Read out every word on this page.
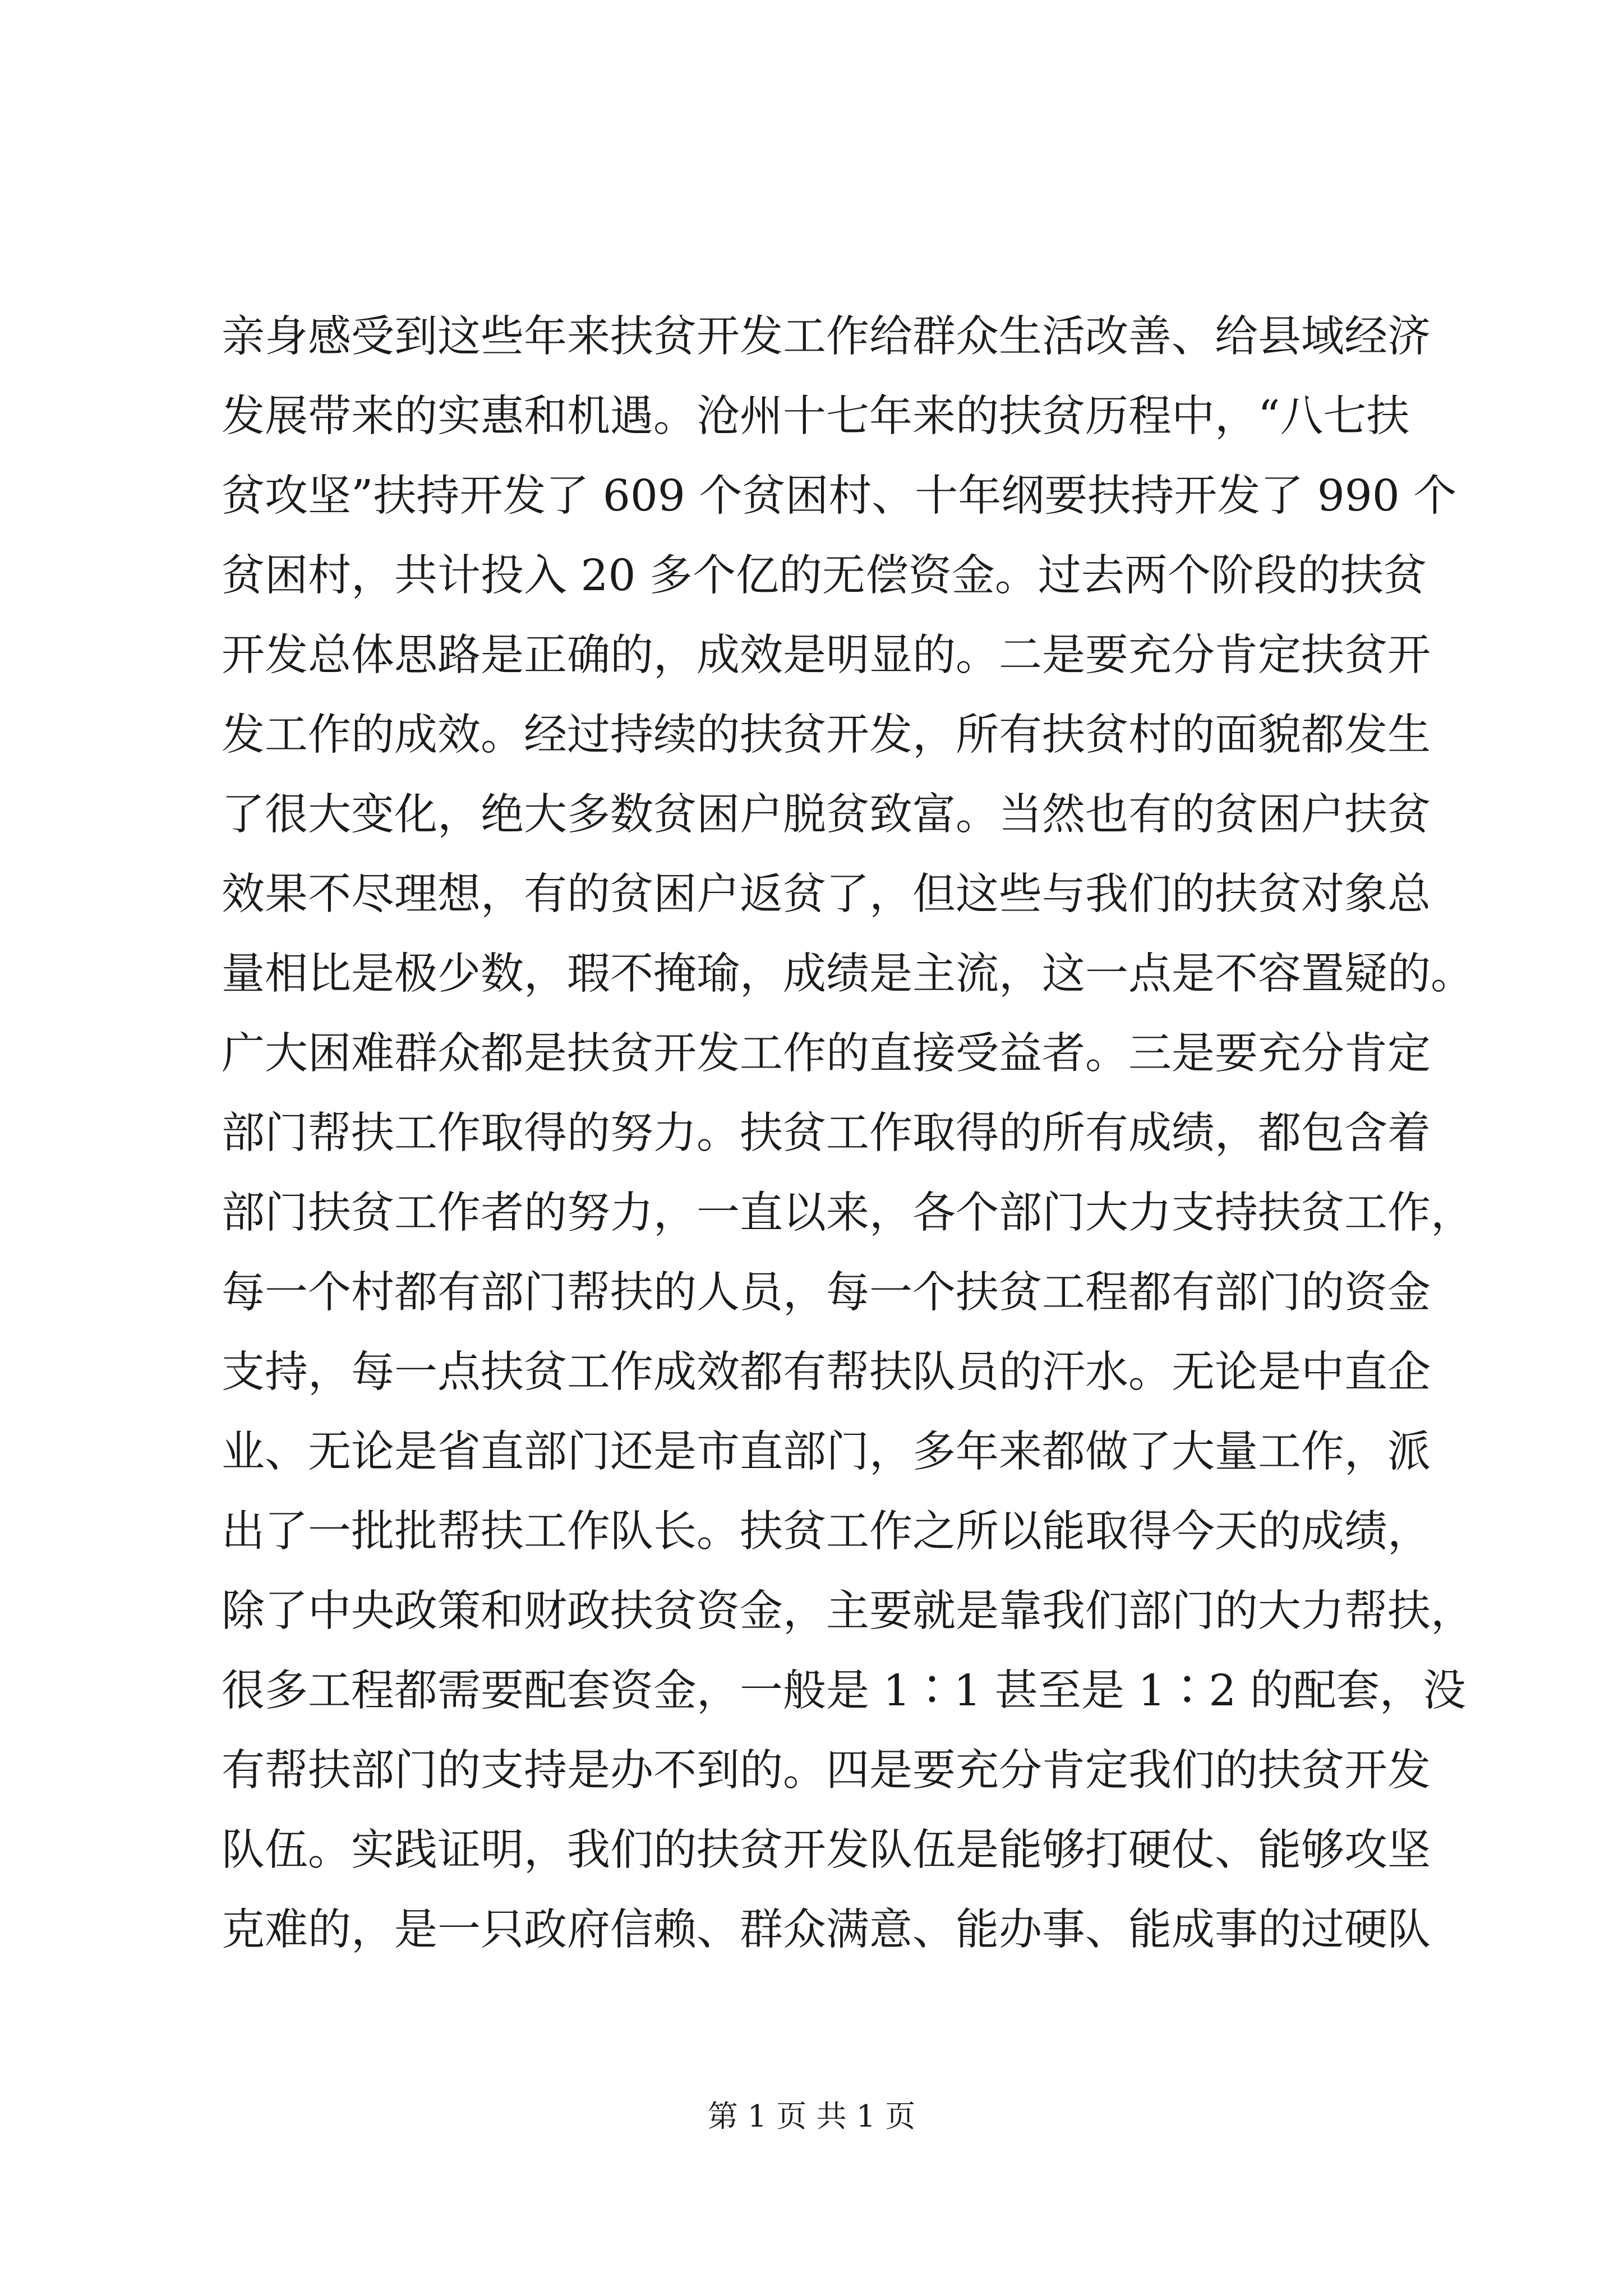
亲身感受到这些年来扶贫开发工作给群众生活改善、给县域经济
发展带来的实惠和机遇。沧州十七年来的扶贫历程中，“八七扶
贫攻坚”扶持开发了 609 个贫困村、十年纲要扶持开发了 990 个
贫困村，共计投入 20 多个亿的无偿资金。过去两个阶段的扶贫
开发总体思路是正确的，成效是明显的。二是要充分肯定扶贫开
发工作的成效。经过持续的扶贫开发，所有扶贫村的面貌都发生
了很大变化，绝大多数贫困户脱贫致富。当然也有的贫困户扶贫
效果不尽理想，有的贫困户返贫了，但这些与我们的扶贫对象总
量相比是极少数，瑕不掩瑜，成绩是主流，这一点是不容置疑的。
广大困难群众都是扶贫开发工作的直接受益者。三是要充分肯定
部门帮扶工作取得的努力。扶贫工作取得的所有成绩，都包含着
部门扶贫工作者的努力，一直以来，各个部门大力支持扶贫工作，
每一个村都有部门帮扶的人员，每一个扶贫工程都有部门的资金
支持，每一点扶贫工作成效都有帮扶队员的汗水。无论是中直企
业、无论是省直部门还是市直部门，多年来都做了大量工作，派
出了一批批帮扶工作队长。扶贫工作之所以能取得今天的成绩，
除了中央政策和财政扶贫资金，主要就是靠我们部门的大力帮扶，
很多工程都需要配套资金，一般是 1∶1 甚至是 1∶2 的配套，没
有帮扶部门的支持是办不到的。四是要充分肯定我们的扶贫开发
队伍。实践证明，我们的扶贫开发队伍是能够打硬仗、能够攻坚
克难的，是一只政府信赖、群众满意、能办事、能成事的过硬队
第 1 页 共 1 页
